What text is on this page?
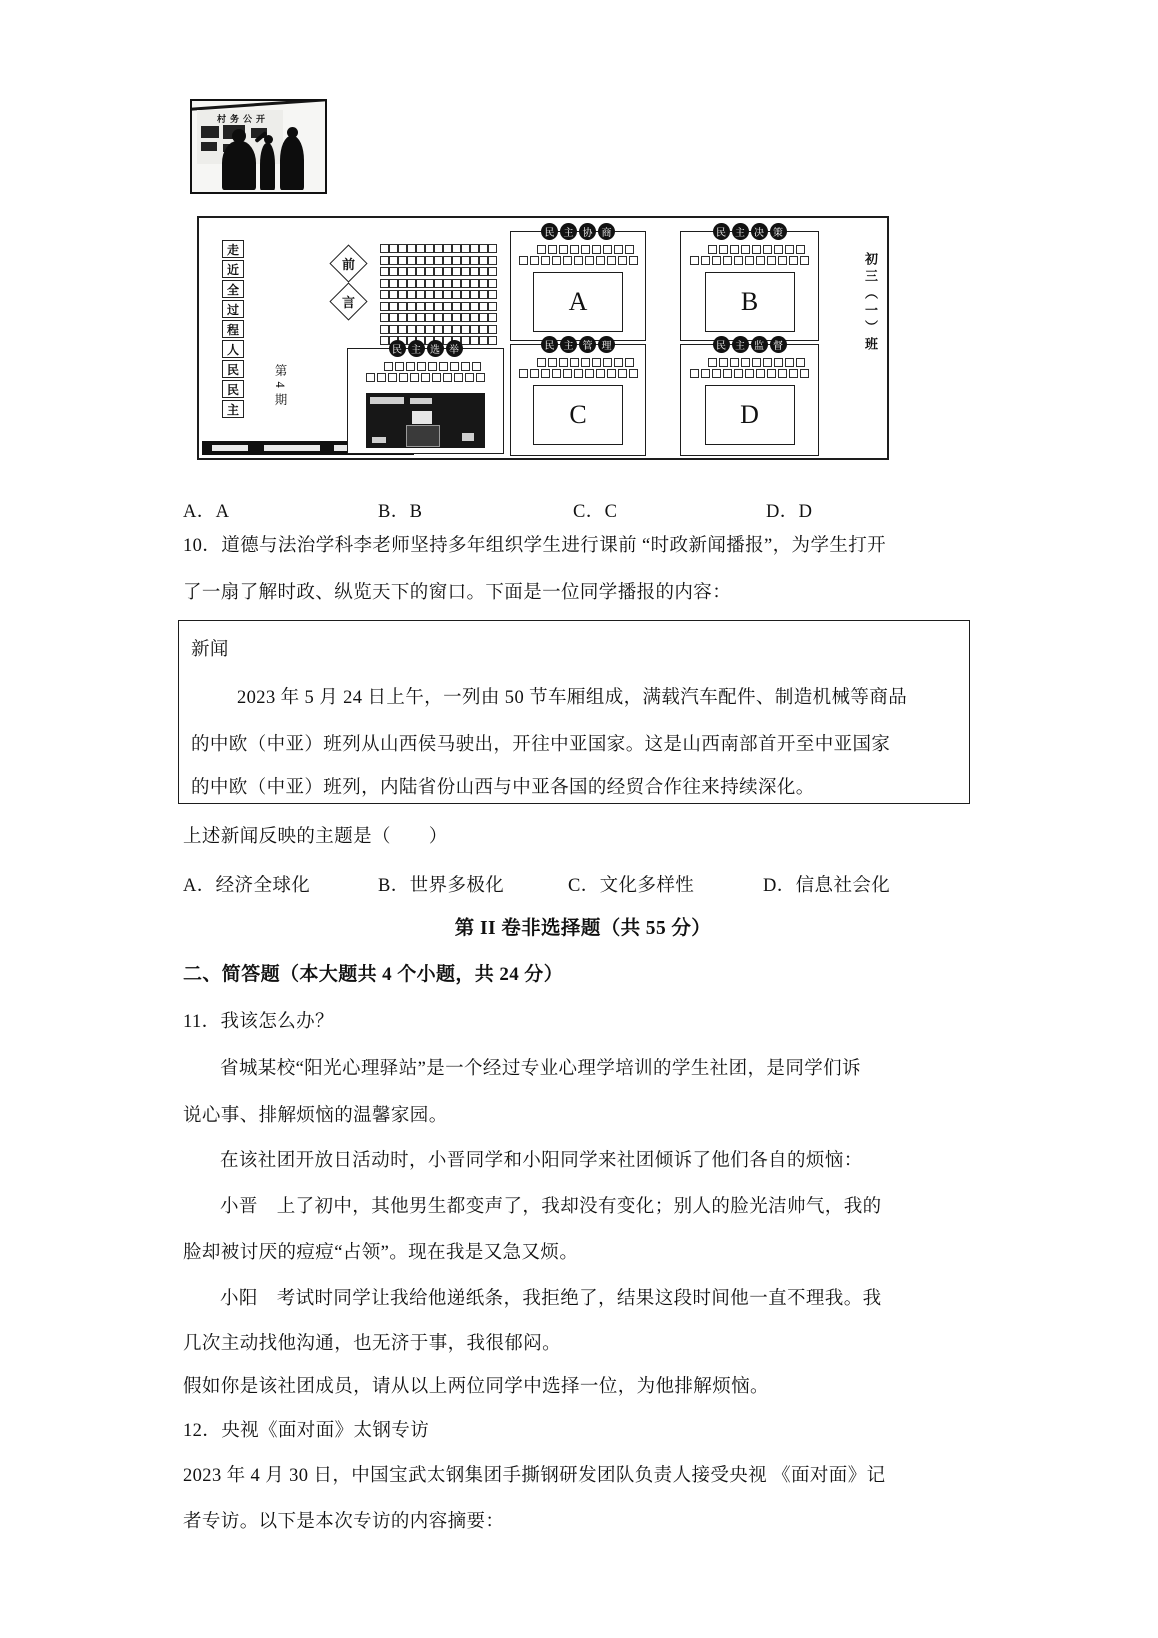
村务公开
走
近
全
过
程
人
民
民
主	第4期
前
言
民 主 选 举
民 主 协 商
A
民 主 决 策
B
民 主 管 理
C
民 主 监 督
D
初三（一）班
A．A	B．B	C．C	D．D
10．道德与法治学科李老师坚持多年组织学生进行课前 “时政新闻播报”，为学生打开
了一扇了解时政、纵览天下的窗口。下面是一位同学播报的内容：
新闻
2023 年 5 月 24 日上午，一列由 50 节车厢组成，满载汽车配件、制造机械等商品
的中欧（中亚）班列从山西侯马驶出，开往中亚国家。这是山西南部首开至中亚国家
的中欧（中亚）班列，内陆省份山西与中亚各国的经贸合作往来持续深化。
上述新闻反映的主题是（　　）
A．经济全球化	B．世界多极化	C．文化多样性	D．信息社会化
第 II 卷非选择题（共 55 分）
二、简答题（本大题共 4 个小题，共 24 分）
11．我该怎么办？
省城某校“阳光心理驿站”是一个经过专业心理学培训的学生社团，是同学们诉
说心事、排解烦恼的温馨家园。
在该社团开放日活动时，小晋同学和小阳同学来社团倾诉了他们各自的烦恼：
小晋　上了初中，其他男生都变声了，我却没有变化；别人的脸光洁帅气，我的
脸却被讨厌的痘痘“占领”。现在我是又急又烦。
小阳　考试时同学让我给他递纸条，我拒绝了，结果这段时间他一直不理我。我
几次主动找他沟通，也无济于事，我很郁闷。
假如你是该社团成员，请从以上两位同学中选择一位，为他排解烦恼。
12．央视《面对面》太钢专访
2023 年 4 月 30 日，中国宝武太钢集团手撕钢研发团队负责人接受央视 《面对面》记
者专访。以下是本次专访的内容摘要：
